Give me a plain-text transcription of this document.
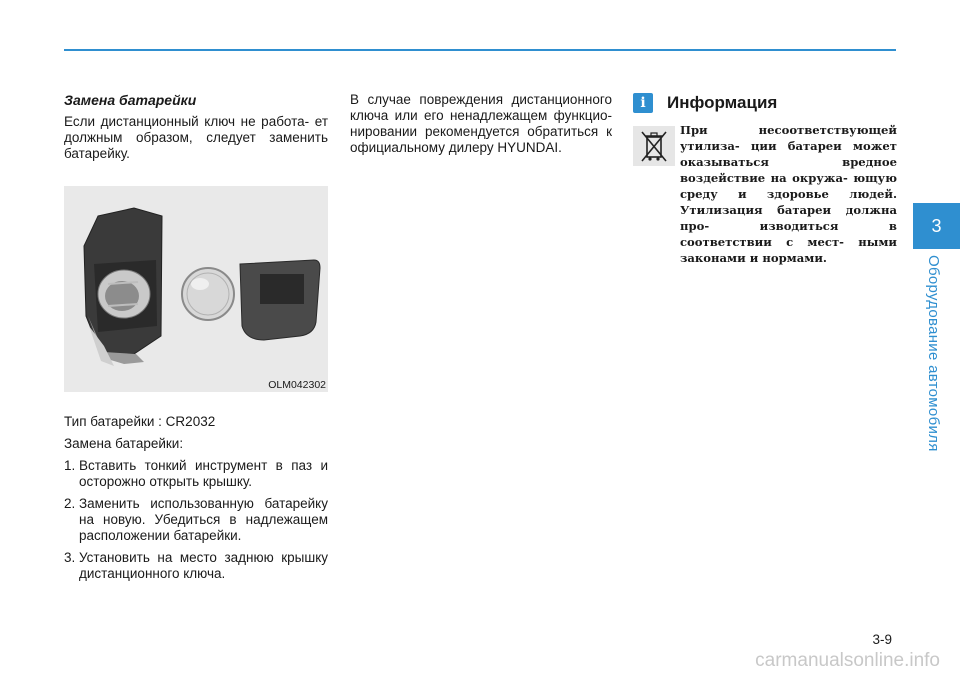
Замена батарейки

Если дистанционный ключ не работа- ет должным образом, следует заменить батарейку.

OLM042302

Тип батарейки : CR2032

Замена батарейки:

1. Вставить тонкий инструмент в паз и осторожно открыть крышку.
2. Заменить использованную батарейку на новую. Убедиться в надлежащем расположении батарейки.
3. Установить на место заднюю крышку дистанционного ключа.

В случае повреждения дистанционного ключа или его ненадлежащем функцио- нировании рекомендуется обратиться к официальному дилеру HYUNDAI.

i	Информация

При несоответствующей утилиза- ции батареи может оказываться вредное воздействие на окружа- ющую среду и здоровье людей. Утилизация батареи должна про- изводиться в соответствии с мест- ными законами и нормами.

3
Оборудование автомобиля
3-9
carmanualsonline.info
